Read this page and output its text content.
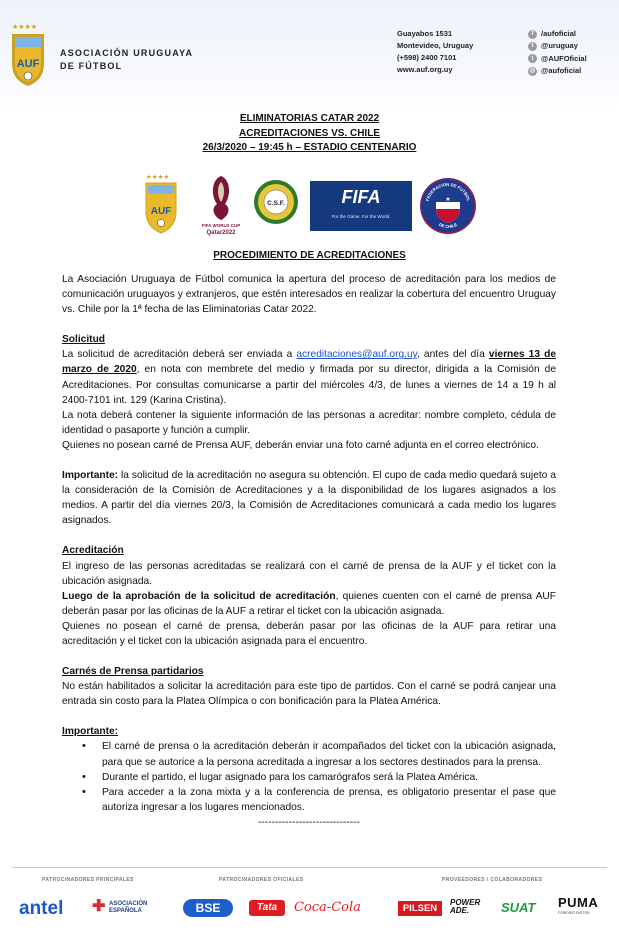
★★★★
AUF
ASOCIACIÓN URUGUAYA
DE FÚTBOL
Guayabos 1531
Montevideo, Uruguay
(+598) 2400 7101
www.auf.org.uy
f	/aufoficial
t	@uruguay
t	@AUFOficial
◎ @aufoficial
ELIMINATORIAS CATAR 2022
ACREDITACIONES VS. CHILE
26/3/2020 – 19:45 h – ESTADIO CENTENARIO
★★★★
AUF
FIFA WORLD CUP
Qatar2022
C.S.F.	FIFA
For the Game. For the World.
FEDERACION DE FUTBOL
DE CHILE
★
PROCEDIMIENTO DE ACREDITACIONES

La Asociación Uruguaya de Fútbol comunica la apertura del proceso de acreditación para los medios de comunicación uruguayos y extranjeros, que estén interesados en realizar la cobertura del encuentro Uruguay vs. Chile por la 1ª fecha de las Eliminatorias Catar 2022.

Solicitud

La solicitud de acreditación deberá ser enviada a acreditaciones@auf.org.uy, antes del día viernes 13 de marzo de 2020, en nota con membrete del medio y firmada por su director, dirigida a la Comisión de Acreditaciones. Por consultas comunicarse a partir del miércoles 4/3, de lunes a viernes de 14 a 19 h al 2400-7101 int. 129 (Karina Cristina).

La nota deberá contener la siguiente información de las personas a acreditar: nombre completo, cédula de identidad o pasaporte y función a cumplir.

Quienes no posean carné de Prensa AUF, deberán enviar una foto carné adjunta en el correo electrónico.

Importante: la solicitud de la acreditación no asegura su obtención. El cupo de cada medio quedará sujeto a la consideración de la Comisión de Acreditaciones y a la disponibilidad de los lugares asignados a los medios. A partir del día viernes 20/3, la Comisión de Acreditaciones comunicará a cada medio los lugares asignados.

Acreditación

El ingreso de las personas acreditadas se realizará con el carné de prensa de la AUF y el ticket con la ubicación asignada.

Luego de la aprobación de la solicitud de acreditación, quienes cuenten con el carné de prensa AUF deberán pasar por las oficinas de la AUF a retirar el ticket con la ubicación asignada.

Quienes no posean el carné de prensa, deberán pasar por las oficinas de la AUF para retirar una acreditación y el ticket con la ubicación asignada para el encuentro.

Carnés de Prensa partidarios

No están habilitados a solicitar la acreditación para este tipo de partidos. Con el carné se podrá canjear una entrada sin costo para la Platea Olímpica o con bonificación para la Platea América.

Importante:

• El carné de prensa o la acreditación deberán ir acompañados del ticket con la ubicación asignada, para que se autorice a la persona acreditada a ingresar a los sectores destinados para la prensa.
• Durante el partido, el lugar asignado para los camarógrafos será la Platea América.
• Para acceder a la zona mixta y a la conferencia de prensa, es obligatorio presentar el pase que autoriza ingresar a los lugares mencionados.

------------------------------

PATROCINADORES PRINCIPALES	PATROCINADORES OFICIALES	PROVEEDORES / COLABORADORES
antel ✚ ASOCIACIÓN
ESPAÑOLA	BSE	Tata	Coca-Cola	PILSEN
POWER
ADE.	SUAT PUMA
FOREVER FASTER
